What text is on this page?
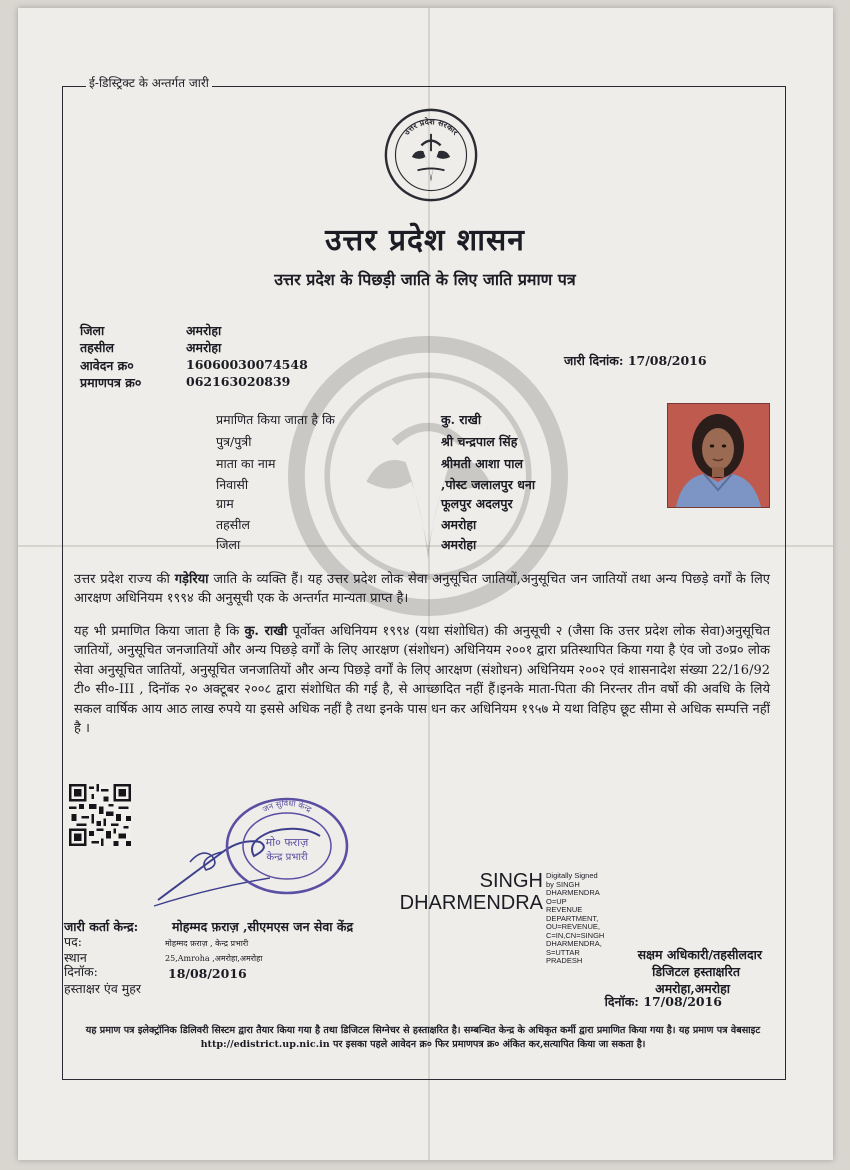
ई-डिस्ट्रिक्ट के अन्तर्गत जारी
उत्तर प्रदेश सरकार
उत्तर प्रदेश शासन
उत्तर प्रदेश के पिछड़ी जाति के लिए जाति प्रमाण पत्र
जिला	अमरोहा
तहसील	अमरोहा
आवेदन क्र०	16060030074548
प्रमाणपत्र क्र०	062163020839
जारी दिनांक: 17/08/2016
प्रमाणित किया जाता है कि	कु. राखी
पुत्र/पुत्री	श्री चन्द्रपाल सिंह
माता का नाम	श्रीमती आशा पाल
निवासी	,पोस्ट जलालपुर धना
ग्राम	फूलपुर अदलपुर
तहसील	अमरोहा
जिला	अमरोहा
उत्तर प्रदेश राज्य की गड़ेरिया जाति के व्यक्ति हैं। यह उत्तर प्रदेश लोक सेवा अनुसूचित जातियों,अनुसूचित जन जातियों तथा अन्य पिछड़े वर्गों के लिए आरक्षण अधिनियम १९९४ की अनुसूची एक के अन्तर्गत मान्यता प्राप्त है।
यह भी प्रमाणित किया जाता है कि कु. राखी पूर्वोक्त अधिनियम १९९४ (यथा संशोधित) की अनुसूची २ (जैसा कि उत्तर प्रदेश लोक सेवा)अनुसूचित जातियों, अनुसूचित जनजातियों और अन्य पिछड़े वर्गों के लिए आरक्षण (संशोधन) अधिनियम २००१ द्वारा प्रतिस्थापित किया गया है एंव जो उ०प्र० लोक सेवा अनुसूचित जातियों, अनुसूचित जनजातियों और अन्य पिछड़े वर्गों के लिए आरक्षण (संशोधन) अधिनियम २००२ एवं शासनादेश संख्या 22/16/92 टी० सी०-III , दिनॉक २० अक्टूबर २००८ द्वारा संशोधित की गई है, से आच्छादित नहीं हैं।इनके माता-पिता की निरन्तर तीन वर्षो की अवधि के लिये सकल वार्षिक आय आठ लाख रुपये या इससे अधिक नहीं है तथा इनके पास धन कर अधिनियम १९५७ मे यथा विहिप छूट सीमा से अधिक सम्पत्ति नहीं है ।
जन सुविधा केन्द्र
मो० फराज़
केन्द्र प्रभारी
SINGH
DHARMENDRA
Digitally Signed
by SINGH
DHARMENDRA
O=UP
REVENUE
DEPARTMENT,
OU=REVENUE,
C=IN,CN=SINGH
DHARMENDRA,
S=UTTAR
PRADESH
जारी कर्ता केन्द्र:	मोहम्मद फ़राज़ ,सीएमएस जन सेवा केंद्र
पद:	मोहम्मद फ़राज़ , केन्द्र प्रभारी
स्थान	25,Amroha ,अमरोहा,अमरोहा
दिनॉक:	18/08/2016
हस्ताक्षर एंव मुहर
सक्षम अधिकारी/तहसीलदार
डिजिटल हस्ताक्षरित
अमरोहा,अमरोहा
दिनॉक: 17/08/2016
यह प्रमाण पत्र इलेक्ट्रॉनिक डिलिवरी सिस्टम द्वारा तैयार किया गया है तथा डिजिटल सिग्नेचर से हस्ताक्षरित है। सम्बन्धित केन्द्र के अधिकृत कर्मी द्वारा प्रमाणित किया गया है। यह प्रमाण पत्र वेबसाइट http://edistrict.up.nic.in पर इसका पहले आवेदन क्र० फिर प्रमाणपत्र क्र० अंकित कर,सत्यापित किया जा सकता है।
